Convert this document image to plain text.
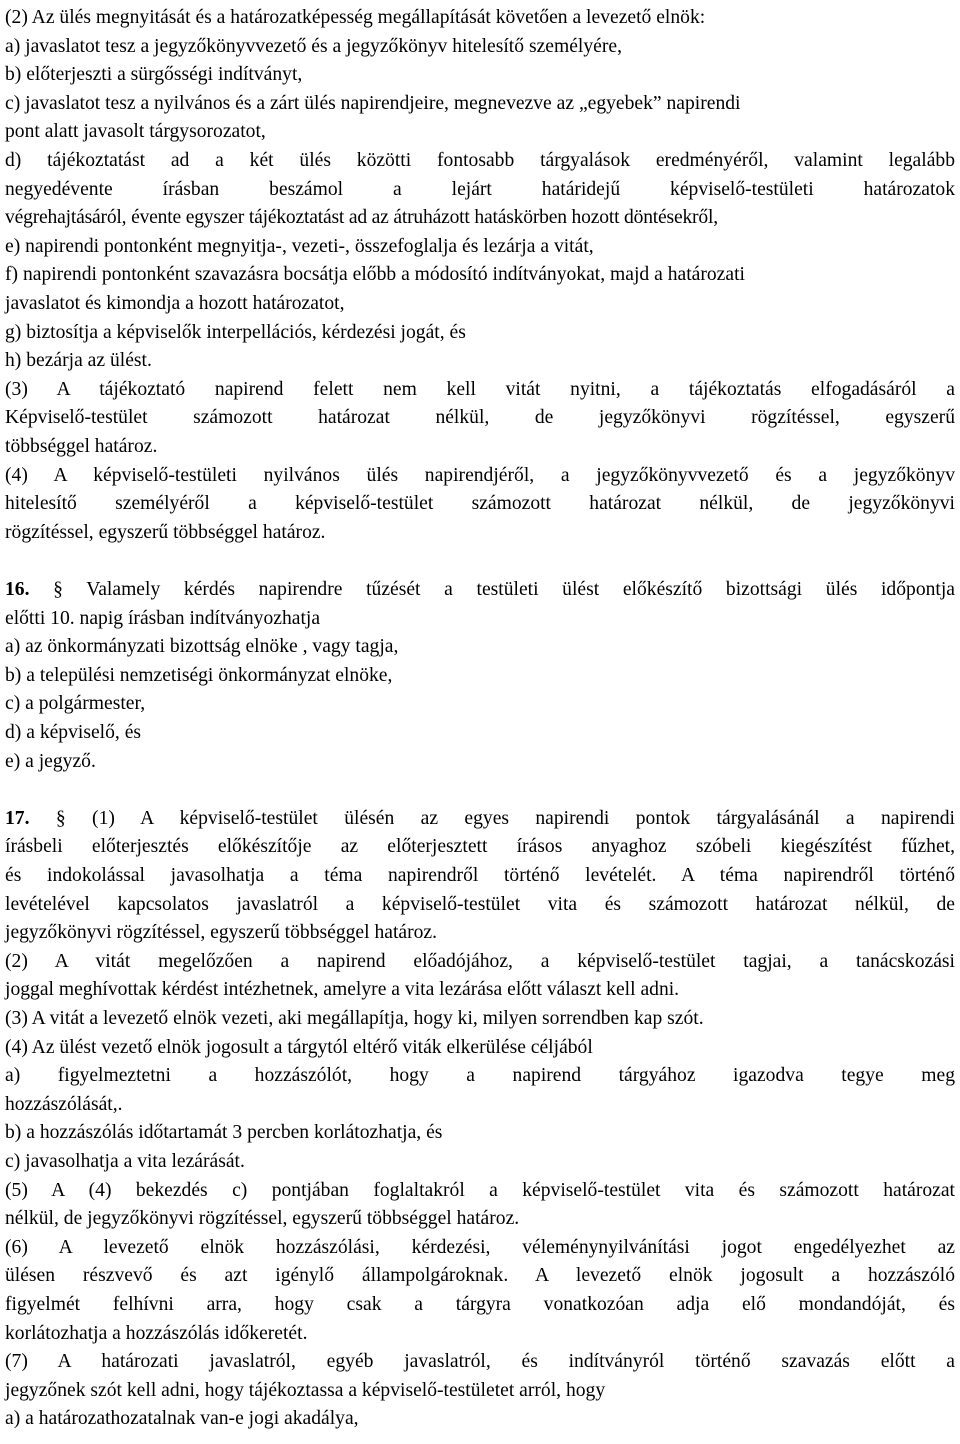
(2) Az ülés megnyitását és a határozatképesség megállapítását követően a levezető elnök:
a) javaslatot tesz a jegyzőkönyvvezető és a jegyzőkönyv hitelesítő személyére,
b) előterjeszti a sürgősségi indítványt,
c) javaslatot tesz a nyilvános és a zárt ülés napirendjeire, megnevezve az „egyebek” napirendi
pont alatt javasolt tárgysorozatot,
d) tájékoztatást ad a két ülés közötti fontosabb tárgyalások eredményéről, valamint legalább
negyedévente írásban beszámol a lejárt határidejű képviselő-testületi határozatok
végrehajtásáról, évente egyszer tájékoztatást ad az átruházott hatáskörben hozott döntésekről,
e) napirendi pontonként megnyitja-, vezeti-, összefoglalja és lezárja a vitát,
f) napirendi pontonként szavazásra bocsátja előbb a módosító indítványokat, majd a határozati
javaslatot és kimondja a hozott határozatot,
g) biztosítja a képviselők interpellációs, kérdezési jogát, és
h) bezárja az ülést.
(3) A tájékoztató napirend felett nem kell vitát nyitni, a tájékoztatás elfogadásáról a
Képviselő-testület számozott határozat nélkül, de jegyzőkönyvi rögzítéssel, egyszerű
többséggel határoz.
(4) A képviselő-testületi nyilvános ülés napirendjéről, a jegyzőkönyvvezető és a jegyzőkönyv
hitelesítő személyéről a képviselő-testület számozott határozat nélkül, de jegyzőkönyvi
rögzítéssel, egyszerű többséggel határoz.
16. § Valamely kérdés napirendre tűzését a testületi ülést előkészítő bizottsági ülés időpontja
előtti 10. napig írásban indítványozhatja
a) az önkormányzati bizottság elnöke , vagy tagja,
b) a települési nemzetiségi önkormányzat elnöke,
c) a polgármester,
d) a képviselő, és
e) a jegyző.
17. § (1) A képviselő-testület ülésén az egyes napirendi pontok tárgyalásánál a napirendi
írásbeli előterjesztés előkészítője az előterjesztett írásos anyaghoz szóbeli kiegészítést fűzhet,
és indokolással javasolhatja a téma napirendről történő levételét. A téma napirendről történő
levételével kapcsolatos javaslatról a képviselő-testület vita és számozott határozat nélkül, de
jegyzőkönyvi rögzítéssel, egyszerű többséggel határoz.
(2) A vitát megelőzően a napirend előadójához, a képviselő-testület tagjai, a tanácskozási
joggal meghívottak kérdést intézhetnek, amelyre a vita lezárása előtt választ kell adni.
(3) A vitát a levezető elnök vezeti, aki megállapítja, hogy ki, milyen sorrendben kap szót.
(4) Az ülést vezető elnök jogosult a tárgytól eltérő viták elkerülése céljából
a) figyelmeztetni a hozzászólót, hogy a napirend tárgyához igazodva tegye meg
hozzászólását,.
b) a hozzászólás időtartamát 3 percben korlátozhatja, és
c) javasolhatja a vita lezárását.
(5) A (4) bekezdés c) pontjában foglaltakról a képviselő-testület vita és számozott határozat
nélkül, de jegyzőkönyvi rögzítéssel, egyszerű többséggel határoz.
(6) A levezető elnök hozzászólási, kérdezési, véleménynyilvánítási jogot engedélyezhet az
ülésen részvevő és azt igénylő állampolgároknak. A levezető elnök jogosult a hozzászóló
figyelmét felhívni arra, hogy csak a tárgyra vonatkozóan adja elő mondandóját, és
korlátozhatja a hozzászólás időkeretét.
(7) A határozati javaslatról, egyéb javaslatról, és indítványról történő szavazás előtt a
jegyzőnek szót kell adni, hogy tájékoztassa a képviselő-testületet arról, hogy
a) a határozathozatalnak van-e jogi akadálya,
